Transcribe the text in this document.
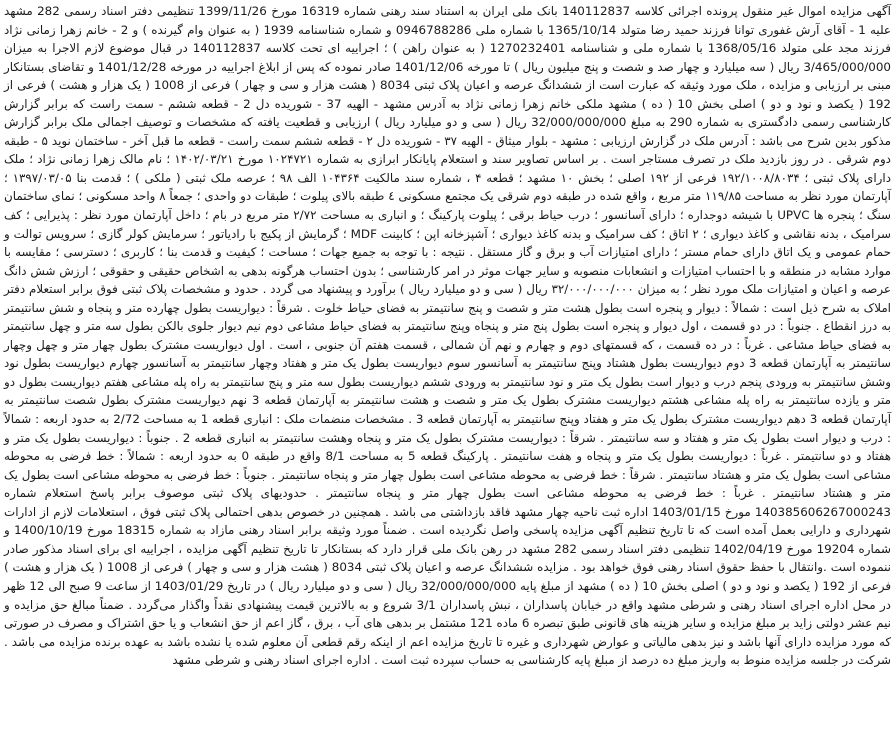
آگهی مزایده اموال غیر منقول پرونده اجرائی کلاسه 140112837 بانک ملی ایران به استناد سند رهنی شماره 16319 مورخ 1399/11/26 تنظیمی دفتر اسناد رسمی 282 مشهد علیه 1 - آقای آرش غفوری توانا فرزند حمید رضا متولد 1365/10/14 با شماره ملی 0946788286 و شماره شناسنامه 1939 ( به عنوان وام گیرنده ) و 2 - خانم زهرا زمانی نژاد فرزند مجد علی متولد 1368/05/16 با شماره ملی و شناسنامه 1270232401 ( به عنوان راهن ) ؛ اجراییه ای تحت کلاسه 140112837 در قبال موضوع لازم الاجرا به میزان 3/465/000/000 ریال ( سه میلیارد و چهار صد و شصت و پنج میلیون ریال ) تا مورخه 1401/12/06 صادر نموده که پس از ابلاغ اجراییه در مورخه 1401/12/28 و تقاضای بستانکار مبنی بر ارزیابی و مزایده ، ملک مورد وثیقه که عبارت است از ششدانگ عرصه و اعیان پلاک ثبتی 8034 ( هشت هزار و سی و چهار ) فرعی از 1008 ( یک هزار و هشت ) فرعی از 192 ( یکصد و نود و دو ) اصلی بخش 10 ( ده ) مشهد ملکی خانم زهرا زمانی نژاد به آدرس مشهد - الهیه 37 - شوریده دل 2 - قطعه ششم - سمت راست که برابر گزارش کارشناسی رسمی دادگستری به شماره 290 به مبلغ 32/000/000/000 ریال ( سی و دو میلیارد ریال ) ارزیابی و قطعیت یافته که مشخصات و توصیف اجمالی ملک برابر گزارش مذکور بدین شرح می باشد : آدرس ملک در گزارش ارزیابی : مشهد - بلوار میثاق - الهیه ۳۷ - شوریده دل ۲ - قطعه ششم سمت راست - قطعه ما قبل آخر - ساختمان نوید ۵ - طبقه دوم شرقی . در روز بازدید ملک در تصرف مستاجر است . بر اساس تصاویر سند و استعلام پایانکار ابرازی به شماره ۱۰۲۴۷۲۱ مورخ ۱۴۰۲/۰۳/۲۱ ؛ نام مالک زهرا زمانی نژاد ؛ ملک دارای پلاک ثبتی ؛ ۱۹۲/۱۰۰۸/۸۰۳۴ فرعی از ۱۹۲ اصلی ؛ بخش ۱۰ مشهد ؛ قطعه ۴ ، شماره سند مالکیت ۱۰۴۳۶۴ الف ۹۸ ؛ عرصه ملک ثبتی ( ملکی ) ؛ قدمت بنا ۱۳۹۷/۰۳/۰۵ ؛ آپارتمان مورد نظر به مساحت ۱۱۹/۸۵ متر مربع ، واقع شده در طبقه دوم شرقی یک مجتمع مسکونی ٤ طبقه بالای پیلوت ؛ طبقات دو واحدی ؛ جمعاً ۸ واحد مسکونی ؛ نمای ساختمان سنگ ؛ پنجره ها UPVC با شیشه دوجداره ؛ دارای آسانسور ؛ درب حیاط برقی ؛ پیلوت پارکینگ ؛ و انباری به مساحت ۲/۷۲ متر مربع در بام ؛ داخل آپارتمان مورد نظر : پذیرایی ؛ کف سرامیک ، بدنه نقاشی و کاغذ دیواری ؛ ۲ اتاق ؛ کف سرامیک و بدنه کاغذ دیواری ؛ آشپزخانه اپن ؛ کابینت MDF ؛ گرمایش از پکیج با رادیاتور ؛ سرمایش کولر گازی ؛ سرویس توالت و حمام عمومی و یک اتاق دارای حمام مستر ؛ دارای امتیازات آب و برق و گاز مستقل . نتیجه : با توجه به جمیع جهات ؛ مساحت ؛ کیفیت و قدمت بنا ؛ کاربری ؛ دسترسی ؛ مقایسه با موارد مشابه در منطقه و با احتساب امتیازات و انشعابات منصوبه و سایر جهات موثر در امر کارشناسی ؛ بدون احتساب هرگونه بدهی به اشخاص حقیقی و حقوقی ؛ ارزش شش دانگ عرصه و اعیان و امتیازات ملک مورد نظر ؛ به میزان ۳۲/۰۰۰/۰۰۰/۰۰۰ ریال ( سی و دو میلیارد ریال ) برآورد و پیشنهاد می گردد . حدود و مشخصات پلاک ثبتی فوق برابر استعلام دفتر املاک به شرح ذیل است : شمالاً : دیوار و پنجره است بطول هشت متر و شصت و پنج سانتیمتر به فضای حیاط خلوت . شرقاً : دیواریست بطول چهارده متر و پنجاه و شش سانتیمتر به درز انقطاع . جنوباً : در دو قسمت ، اول دیوار و پنجره است بطول پنج متر و پنجاه وپنج سانتیمتر به فضای حیاط مشاعی دوم نیم دیوار جلوی بالکن بطول سه متر و چهل سانتیمتر به فضای حیاط مشاعی . غرباً : در ده قسمت ، که قسمتهای دوم و چهارم و نهم آن شمالی ، قسمت هفتم آن جنوبی ، است . اول دیواریست مشترک بطول چهار متر و چهل وچهار سانتیمتر به آپارتمان قطعه 3 دوم دیواریست بطول هشتاد وپنج سانتیمتر به آسانسور سوم دیواریست بطول یک متر و هفتاد وچهار سانتیمتر به آسانسور چهارم دیواریست بطول نود وشش سانتیمتر به ورودی پنجم درب و دیوار است بطول یک متر و نود سانتیمتر به ورودی ششم دیواریست بطول سه متر و پنج سانتیمتر به راه پله مشاعی هفتم دیواریست بطول دو متر و یازده سانتیمتر به راه پله مشاعی هشتم دیواریست مشترک بطول یک متر و شصت و هشت سانتیمتر به آپارتمان قطعه 3 نهم دیواریست مشترک بطول شصت سانتیمتر به آپارتمان قطعه 3 دهم دیواریست مشترک بطول یک متر و هفتاد وپنج سانتیمتر به آپارتمان قطعه 3 . مشخصات منضمات ملک : انباری قطعه 1 به مساحت 2/72 به حدود اربعه : شمالاً : درب و دیوار است بطول یک متر و هفتاد و سه سانتیمتر . شرقاً : دیواریست مشترک بطول یک متر و پنجاه وهشت سانتیمتر به انباری قطعه 2 . جنوباً : دیواریست بطول یک متر و هفتاد و دو سانتیمتر . غرباً : دیواریست بطول یک متر و پنجاه و هفت سانتیمتر . پارکینگ قطعه 5 به مساحت 8/1 واقع در طبقه 0 به حدود اربعه : شمالاً : خط فرضی به محوطه مشاعی است بطول یک متر و هشتاد سانتیمتر . شرقاً : خط فرضی به محوطه مشاعی است بطول چهار متر و پنجاه سانتیمتر . جنوباً : خط فرضی به محوطه مشاعی است بطول یک متر و هشتاد سانتیمتر . غرباً : خط فرضی به محوطه مشاعی است بطول چهار متر و پنجاه سانتیمتر . حدودیهای پلاک ثبتی موصوف برابر پاسخ استعلام شماره 140385606267000243 مورخ 1403/01/15 اداره ثبت ناحیه چهار مشهد فاقد بازداشتی می باشد . همچنین در خصوص بدهی احتمالی پلاک ثبتی فوق ، استعلامات لازم از ادارات شهرداری و دارایی بعمل آمده است که تا تاریخ تنظیم آگهی مزایده پاسخی واصل نگردیده است . ضمناً مورد وثیقه برابر اسناد رهنی مازاد به شماره 18315 مورخ 1400/10/19 و شماره 19204 مورخ 1402/04/19 تنظیمی دفتر اسناد رسمی 282 مشهد در رهن بانک ملی قرار دارد که بستانکار تا تاریخ تنظیم آگهی مزایده ، اجراییه ای برای اسناد مذکور صادر ننموده است .وانتقال با حفظ حقوق اسناد رهنی فوق خواهد بود . مزایده ششدانگ عرصه و اعیان پلاک ثبتی 8034 ( هشت هزار و سی و چهار ) فرعی از 1008 ( یک هزار و هشت ) فرعی از 192 ( یکصد و نود و دو ) اصلی بخش 10 ( ده ) مشهد از مبلغ پایه 32/000/000/000 ریال ( سی و دو میلیارد ریال ) در تاریخ 1403/01/29 از ساعت 9 صبح الی 12 ظهر در محل اداره اجرای اسناد رهنی و شرطی مشهد واقع در خیابان پاسداران ، نبش پاسداران 3/1 شروع و به بالاترین قیمت پیشنهادی نقداً واگذار می‌گردد . ضمناً مبالغ حق مزایده و نیم عشر دولتی زاید بر مبلغ مزایده و سایر هزینه های قانونی طبق تبصره 6 ماده 121 مشتمل بر بدهی های آب ، برق ، گاز اعم از حق انشعاب و یا حق اشتراک و مصرف در صورتی که مورد مزایده دارای آنها باشد و نیز بدهی مالیاتی و عوارض شهرداری و غیره تا تاریخ مزایده اعم از اینکه رقم قطعی آن معلوم شده یا نشده باشد به عهده برنده مزایده می باشد . شرکت در جلسه مزایده منوط به واریز مبلغ ده درصد از مبلغ پایه کارشناسی به حساب سپرده ثبت است . اداره اجرای اسناد رهنی و شرطی مشهد
